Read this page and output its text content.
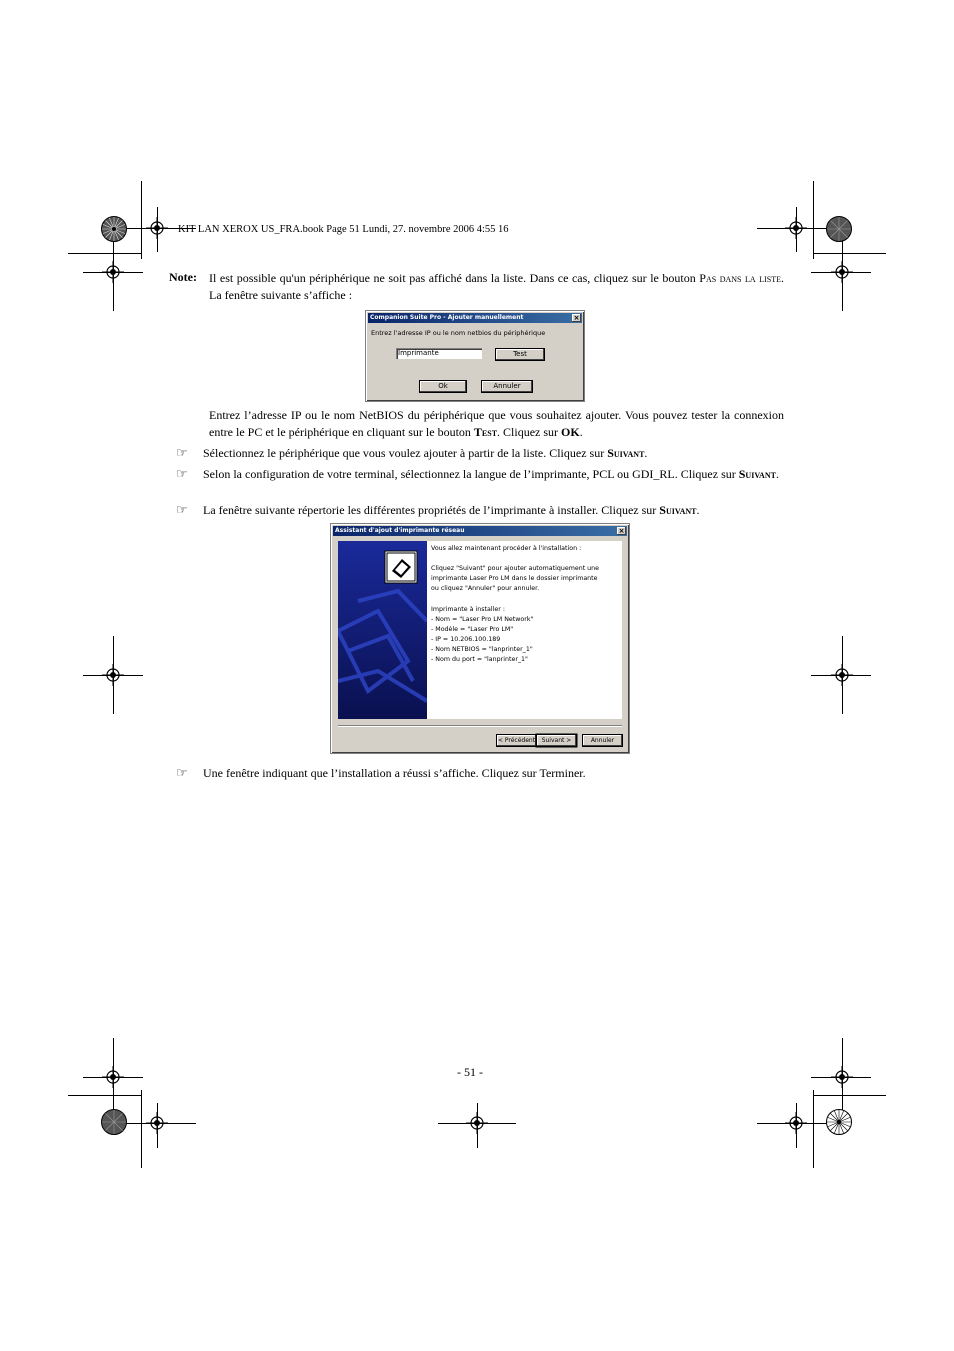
KIT LAN XEROX US_FRA.book Page 51 Lundi, 27. novembre 2006 4:55 16
Note: Il est possible qu'un périphérique ne soit pas affiché dans la liste. Dans ce cas, cliquez sur le bouton Pas dans la liste. La fenêtre suivante s’affiche :
Companion Suite Pro - Ajouter manuellement	×
Entrez l'adresse IP ou le nom netbios du périphérique
Imprimante	Test
Ok	Annuler
Entrez l’adresse IP ou le nom NetBIOS du périphérique que vous souhaitez ajouter. Vous pouvez tester la connexion entre le PC et le périphérique en cliquant sur le bouton Test. Cliquez sur OK.
☞ Sélectionnez le périphérique que vous voulez ajouter à partir de la liste. Cliquez sur Suivant.
☞ Selon la configuration de votre terminal, sélectionnez la langue de l’imprimante, PCL ou GDI_RL. Cliquez sur Suivant.
☞ La fenêtre suivante répertorie les différentes propriétés de l’imprimante à installer. Cliquez sur Suivant.
Assistant d'ajout d'imprimante réseau	×
Vous allez maintenant procéder à l'installation :
Cliquez "Suivant" pour ajouter automatiquement une
imprimante Laser Pro LM dans le dossier imprimante
ou cliquez "Annuler" pour annuler.
Imprimante à installer :
- Nom = "Laser Pro LM Network"
- Modèle = "Laser Pro LM"
- IP = 10.206.100.189
- Nom NETBIOS = "lanprinter_1"
- Nom du port = "lanprinter_1"
< Précédent	Suivant >	Annuler
☞ Une fenêtre indiquant que l’installation a réussi s’affiche. Cliquez sur Terminer.
- 51 -
